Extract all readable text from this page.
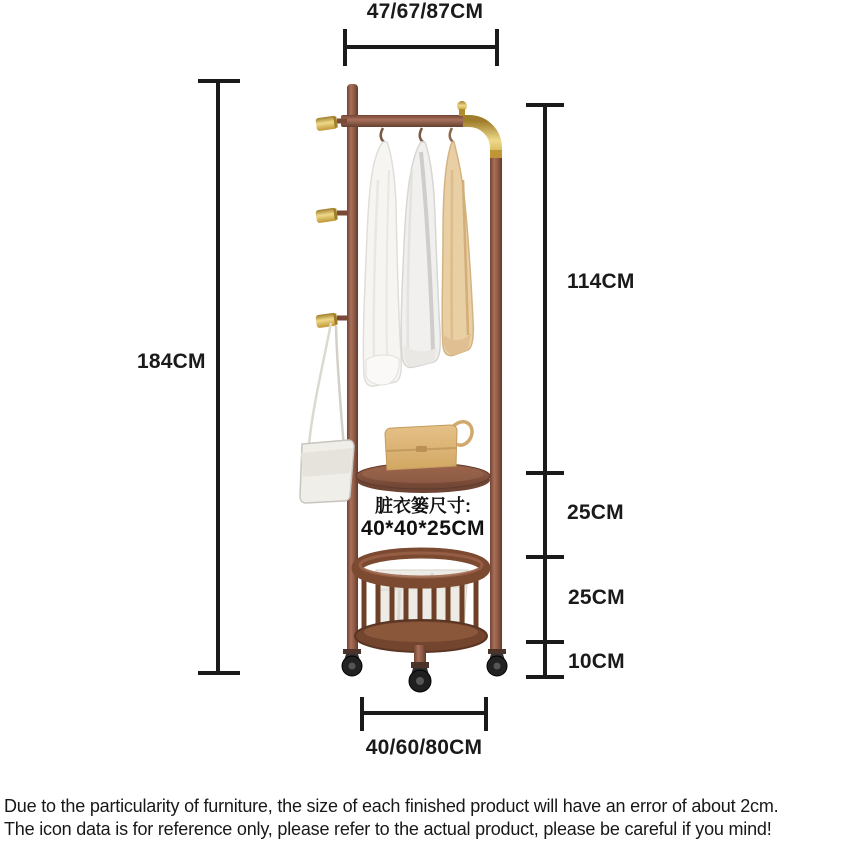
47/67/87CM
184CM
114CM
25CM
25CM
10CM
40/60/80CM
脏衣篓尺寸:
40*40*25CM
Due to the particularity of furniture, the size of each finished product will have an error of about 2cm.
The icon data is for reference only, please refer to the actual product, please be careful if you mind!
